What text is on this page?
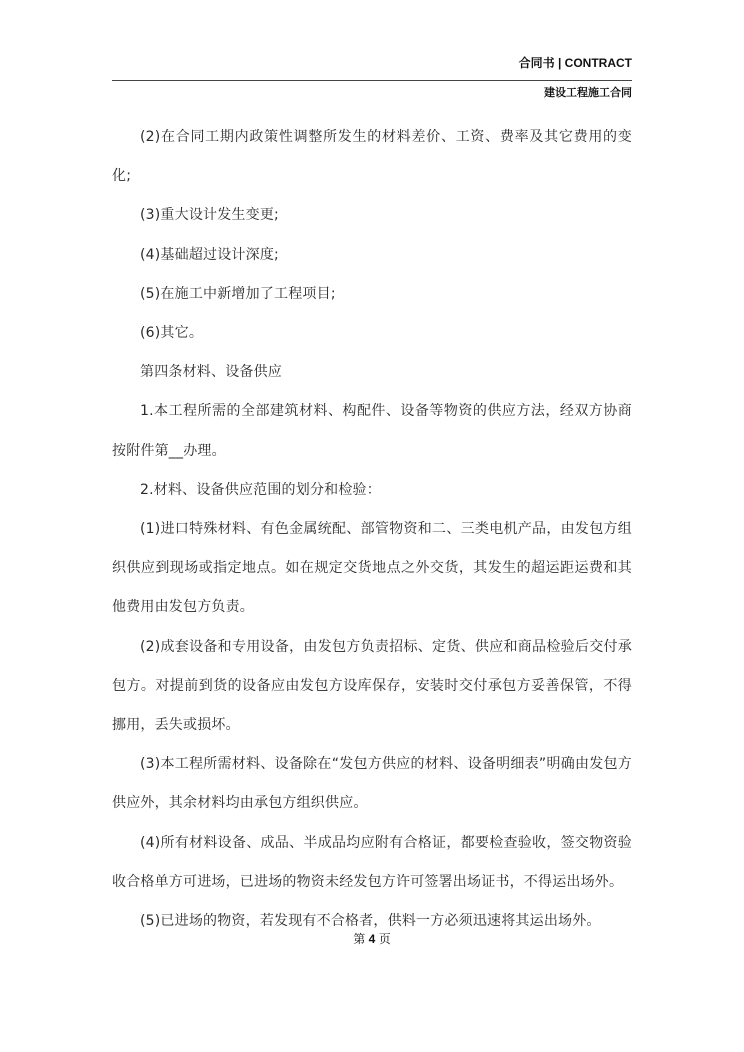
合同书 | CONTRACT
建设工程施工合同

(2)在合同工期内政策性调整所发生的材料差价、工资、费率及其它费用的变化;

(3)重大设计发生变更;

(4)基础超过设计深度;

(5)在施工中新增加了工程项目;

(6)其它。

第四条材料、设备供应

1.本工程所需的全部建筑材料、构配件、设备等物资的供应方法，经双方协商按附件第__办理。

2.材料、设备供应范围的划分和检验：

(1)进口特殊材料、有色金属统配、部管物资和二、三类电机产品，由发包方组织供应到现场或指定地点。如在规定交货地点之外交货，其发生的超运距运费和其他费用由发包方负责。

(2)成套设备和专用设备，由发包方负责招标、定货、供应和商品检验后交付承包方。对提前到货的设备应由发包方设库保存，安装时交付承包方妥善保管，不得挪用，丢失或损坏。

(3)本工程所需材料、设备除在“发包方供应的材料、设备明细表”明确由发包方供应外，其余材料均由承包方组织供应。

(4)所有材料设备、成品、半成品均应附有合格证，都要检查验收，签交物资验收合格单方可进场，已进场的物资未经发包方许可签署出场证书，不得运出场外。

(5)已进场的物资，若发现有不合格者，供料一方必须迅速将其运出场外。

第 4 页
